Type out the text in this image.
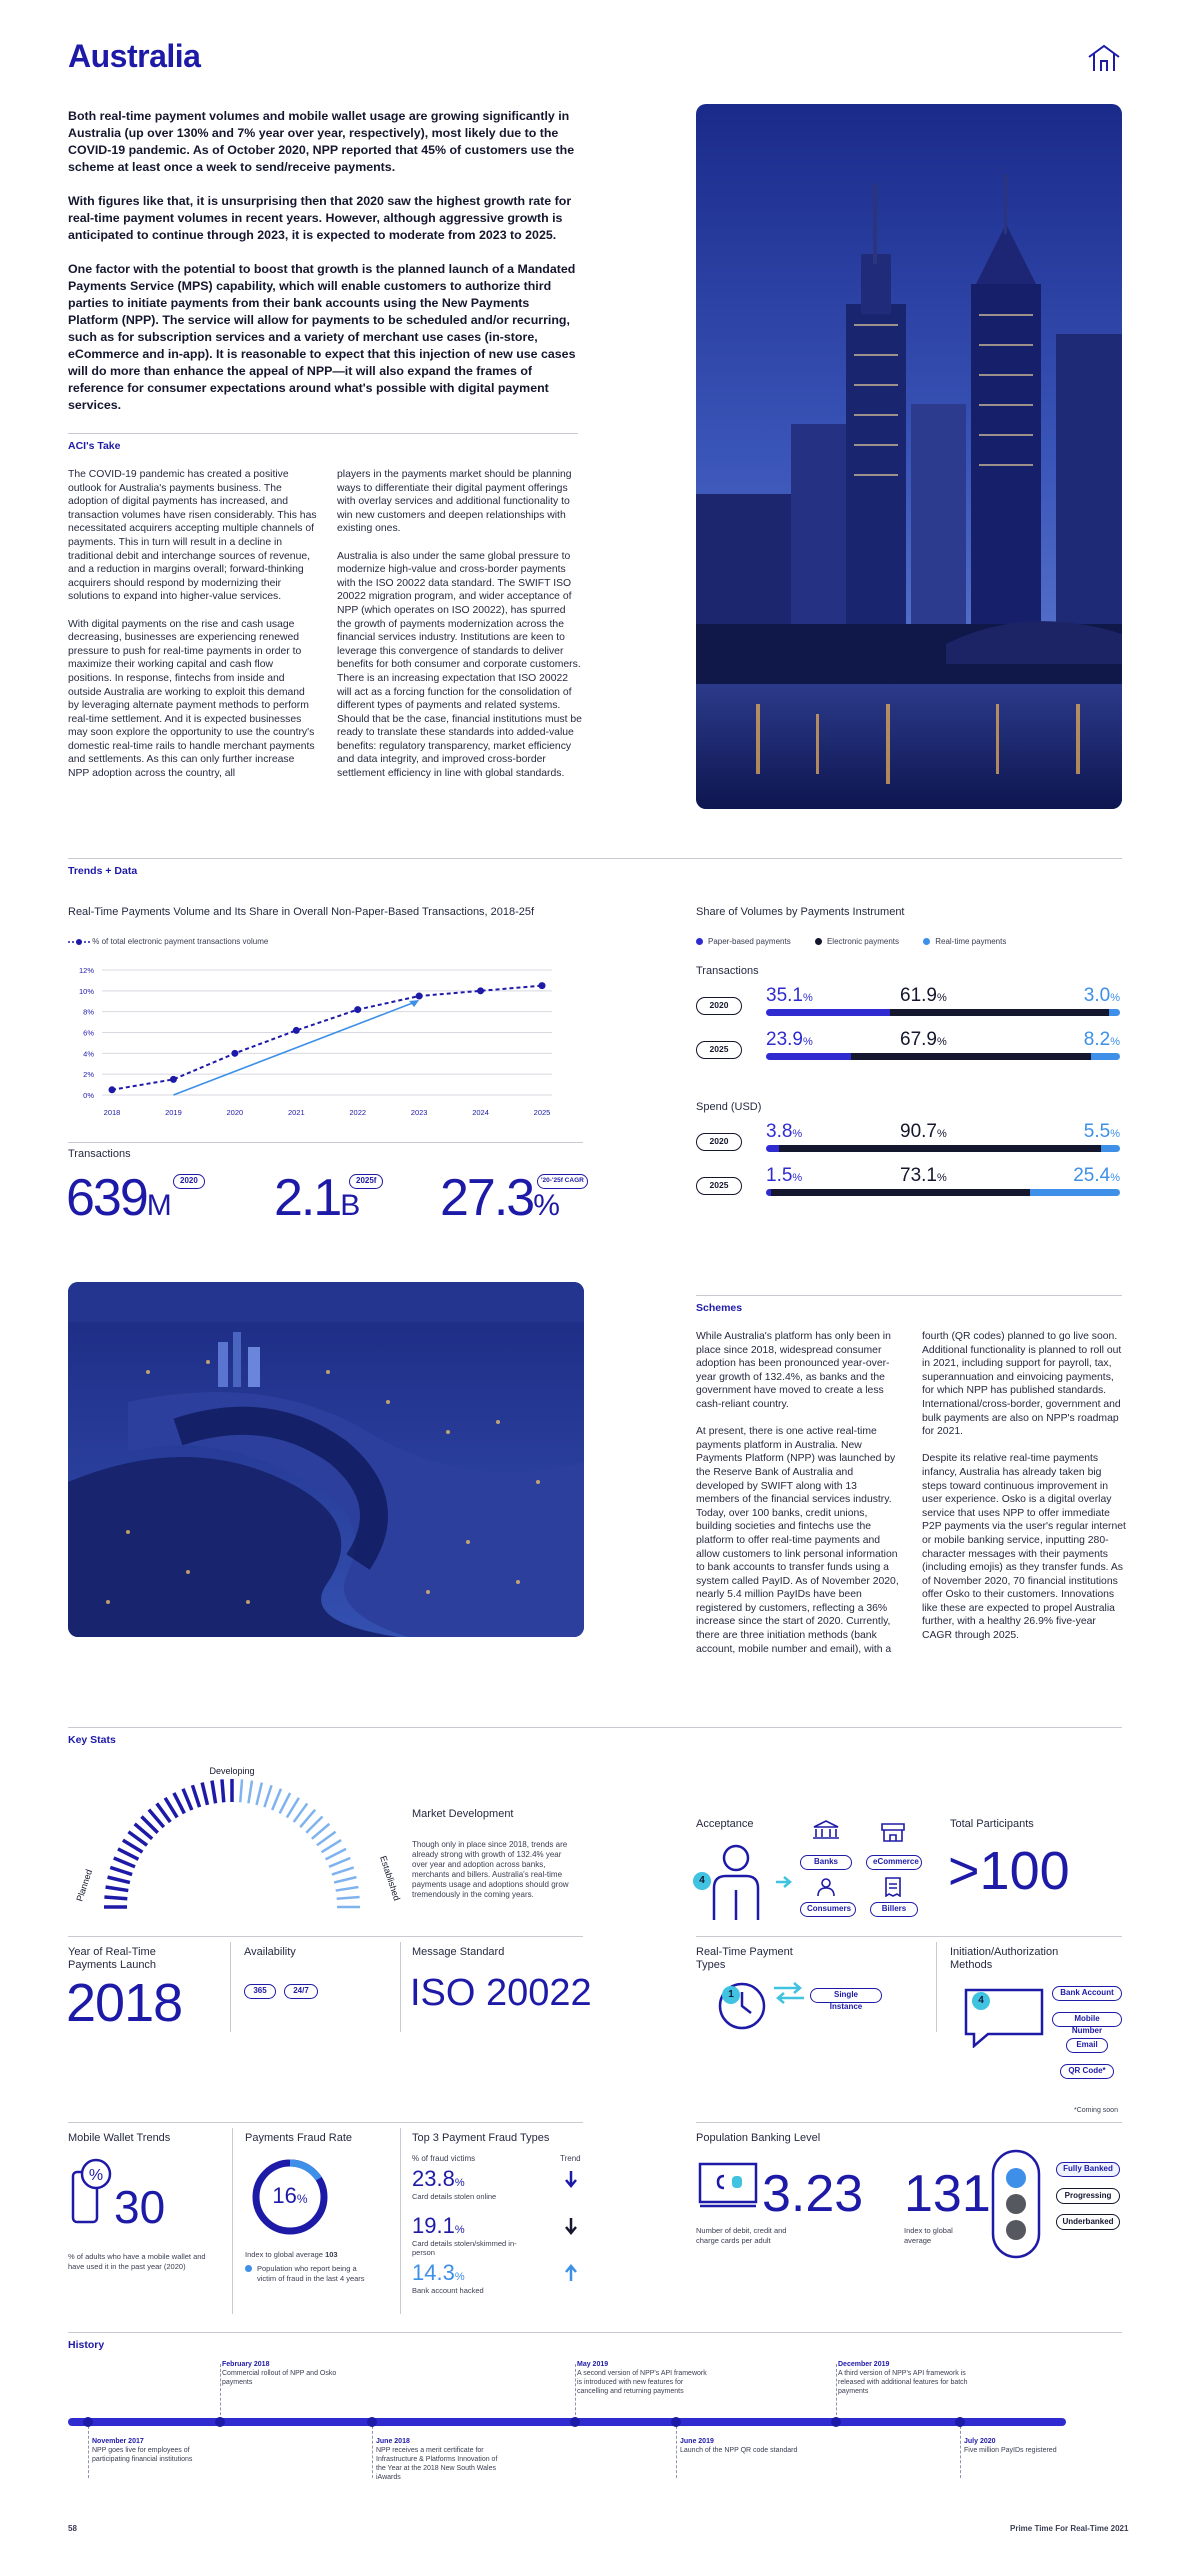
Australia

Both real-time payment volumes and mobile wallet usage are growing significantly in Australia (up over 130% and 7% year over year, respectively), most likely due to the COVID-19 pandemic. As of October 2020, NPP reported that 45% of customers use the scheme at least once a week to send/receive payments.

With figures like that, it is unsurprising then that 2020 saw the highest growth rate for real-time payment volumes in recent years. However, although aggressive growth is anticipated to continue through 2023, it is expected to moderate from 2023 to 2025.

One factor with the potential to boost that growth is the planned launch of a Mandated Payments Service (MPS) capability, which will enable customers to authorize third parties to initiate payments from their bank accounts using the New Payments Platform (NPP). The service will allow for payments to be scheduled and/or recurring, such as for subscription services and a variety of merchant use cases (in-store, eCommerce and in-app). It is reasonable to expect that this injection of new use cases will do more than enhance the appeal of NPP—it will also expand the frames of reference for consumer expectations around what's possible with digital payment services.

ACI's Take

The COVID-19 pandemic has created a positive outlook for Australia's payments business. The adoption of digital payments has increased, and transaction volumes have risen considerably. This has necessitated acquirers accepting multiple channels of payments. This in turn will result in a decline in traditional debit and interchange sources of revenue, and a reduction in margins overall; forward-thinking acquirers should respond by modernizing their solutions to expand into higher-value services.

With digital payments on the rise and cash usage decreasing, businesses are experiencing renewed pressure to push for real-time payments in order to maximize their working capital and cash flow positions. In response, fintechs from inside and outside Australia are working to exploit this demand by leveraging alternate payment methods to perform real-time settlement. And it is expected businesses may soon explore the opportunity to use the country's domestic real-time rails to handle merchant payments and settlements. As this can only further increase NPP adoption across the country, all

players in the payments market should be planning ways to differentiate their digital payment offerings with overlay services and additional functionality to win new customers and deepen relationships with existing ones.

Australia is also under the same global pressure to modernize high-value and cross-border payments with the ISO 20022 data standard. The SWIFT ISO 20022 migration program, and wider acceptance of NPP (which operates on ISO 20022), has spurred the growth of payments modernization across the financial services industry. Institutions are keen to leverage this convergence of standards to deliver benefits for both consumer and corporate customers. There is an increasing expectation that ISO 20022 will act as a forcing function for the consolidation of different types of payments and related systems. Should that be the case, financial institutions must be ready to translate these standards into added-value benefits: regulatory transparency, market efficiency and data integrity, and improved cross-border settlement efficiency in line with global standards.

Trends + Data
Real-Time Payments Volume and Its Share in Overall Non-Paper-Based Transactions, 2018-25f
% of total electronic payment transactions volume
0%
2%
4%
6%
8%
10%
12%
2018	2019	2020	2021	2022	2023	2024	2025
Transactions
639M
2020 2.1B
2025f 27.3%
'20-'25f CAGR
Share of Volumes by Payments Instrument
Paper-based payments	Electronic payments	Real-time payments
Transactions
2020	35.1%	61.9%	3.0%
2025	23.9%	67.9%	8.2%
Spend (USD)
2020	3.8%	90.7%	5.5%
2025	1.5%	73.1%	25.4%
Schemes

While Australia's platform has only been in place since 2018, widespread consumer adoption has been pronounced year-over-year growth of 132.4%, as banks and the government have moved to create a less cash-reliant country.

At present, there is one active real-time payments platform in Australia. New Payments Platform (NPP) was launched by the Reserve Bank of Australia and developed by SWIFT along with 13 members of the financial services industry. Today, over 100 banks, credit unions, building societies and fintechs use the platform to offer real-time payments and allow customers to link personal information to bank accounts to transfer funds using a system called PayID. As of November 2020, nearly 5.4 million PayIDs have been registered by customers, reflecting a 36% increase since the start of 2020. Currently, there are three initiation methods (bank account, mobile number and email), with a

fourth (QR codes) planned to go live soon. Additional functionality is planned to roll out in 2021, including support for payroll, tax, superannuation and einvoicing payments, for which NPP has published standards. International/cross-border, government and bulk payments are also on NPP's roadmap for 2021.

Despite its relative real-time payments infancy, Australia has already taken big steps toward continuous improvement in user experience. Osko is a digital overlay service that uses NPP to offer immediate P2P payments via the user's regular internet or mobile banking service, inputting 280-character messages with their payments (including emojis) as they transfer funds. As of November 2020, 70 financial institutions offer Osko to their customers. Innovations like these are expected to propel Australia further, with a healthy 26.9% five-year CAGR through 2025.

Key Stats
Planned
Developing
Established
Market Development
Though only in place since 2018, trends are already strong with growth of 132.4% year over year and adoption across banks, merchants and billers. Australia's real-time payments usage and adoptions should grow tremendously in the coming years.
Acceptance
4
Banks	eCommerce
Consumers	Billers
Total Participants
>100
Year of Real-Time Payments Launch
2018
Availability
365	24/7
Message Standard
ISO 20022
Real-Time Payment Types
1	Single Instance
Initiation/Authorization Methods
4
Bank Account
Mobile Number
Email
QR Code*
*Coming soon
Mobile Wallet Trends
%
30
% of adults who have a mobile wallet and have used it in the past year (2020)
Payments Fraud Rate
16%
Index to global average 103
Population who report being a victim of fraud in the last 4 years
Top 3 Payment Fraud Types
% of fraud victims	Trend
23.8%
Card details stolen online
19.1%
Card details stolen/skimmed in-person
14.3%
Bank account hacked
Population Banking Level
3.23
Number of debit, credit and charge cards per adult
131
Index to global average
Fully Banked
Progressing
Underbanked
History
February 2018
Commercial rollout of NPP and Osko payments
May 2019
A second version of NPP's API framework is introduced with new features for cancelling and returning payments
December 2019
A third version of NPP's API framework is released with additional features for batch payments
November 2017
NPP goes live for employees of participating financial institutions
June 2018
NPP receives a merit certificate for Infrastructure & Platforms Innovation of the Year at the 2018 New South Wales iAwards
June 2019
Launch of the NPP QR code standard
July 2020
Five million PayIDs registered
58	Prime Time For Real-Time 2021
